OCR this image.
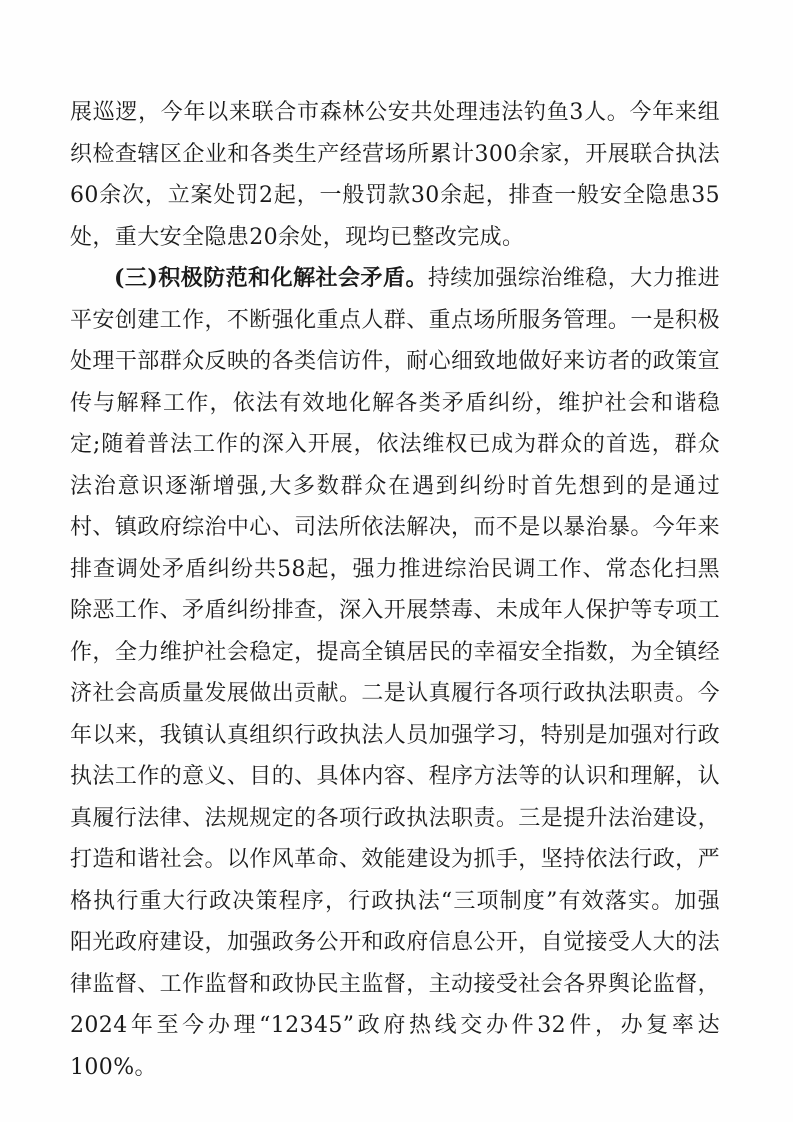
展巡逻，今年以来联合市森林公安共处理违法钓鱼3人。今年来组织检查辖区企业和各类生产经营场所累计300余家，开展联合执法60余次，立案处罚2起，一般罚款30余起，排查一般安全隐患35处，重大安全隐患20余处，现均已整改完成。

(三)积极防范和化解社会矛盾。持续加强综治维稳，大力推进平安创建工作，不断强化重点人群、重点场所服务管理。一是积极处理干部群众反映的各类信访件，耐心细致地做好来访者的政策宣传与解释工作，依法有效地化解各类矛盾纠纷，维护社会和谐稳定;随着普法工作的深入开展，依法维权已成为群众的首选，群众法治意识逐渐增强,大多数群众在遇到纠纷时首先想到的是通过村、镇政府综治中心、司法所依法解决，而不是以暴治暴。今年来排查调处矛盾纠纷共58起，强力推进综治民调工作、常态化扫黑除恶工作、矛盾纠纷排查，深入开展禁毒、未成年人保护等专项工作，全力维护社会稳定，提高全镇居民的幸福安全指数，为全镇经济社会高质量发展做出贡献。二是认真履行各项行政执法职责。今年以来，我镇认真组织行政执法人员加强学习，特别是加强对行政执法工作的意义、目的、具体内容、程序方法等的认识和理解，认真履行法律、法规规定的各项行政执法职责。三是提升法治建设，打造和谐社会。以作风革命、效能建设为抓手，坚持依法行政，严格执行重大行政决策程序，行政执法“三项制度”有效落实。加强阳光政府建设，加强政务公开和政府信息公开，自觉接受人大的法律监督、工作监督和政协民主监督，主动接受社会各界舆论监督，2024年至今办理“12345”政府热线交办件32件，办复率达100%。
